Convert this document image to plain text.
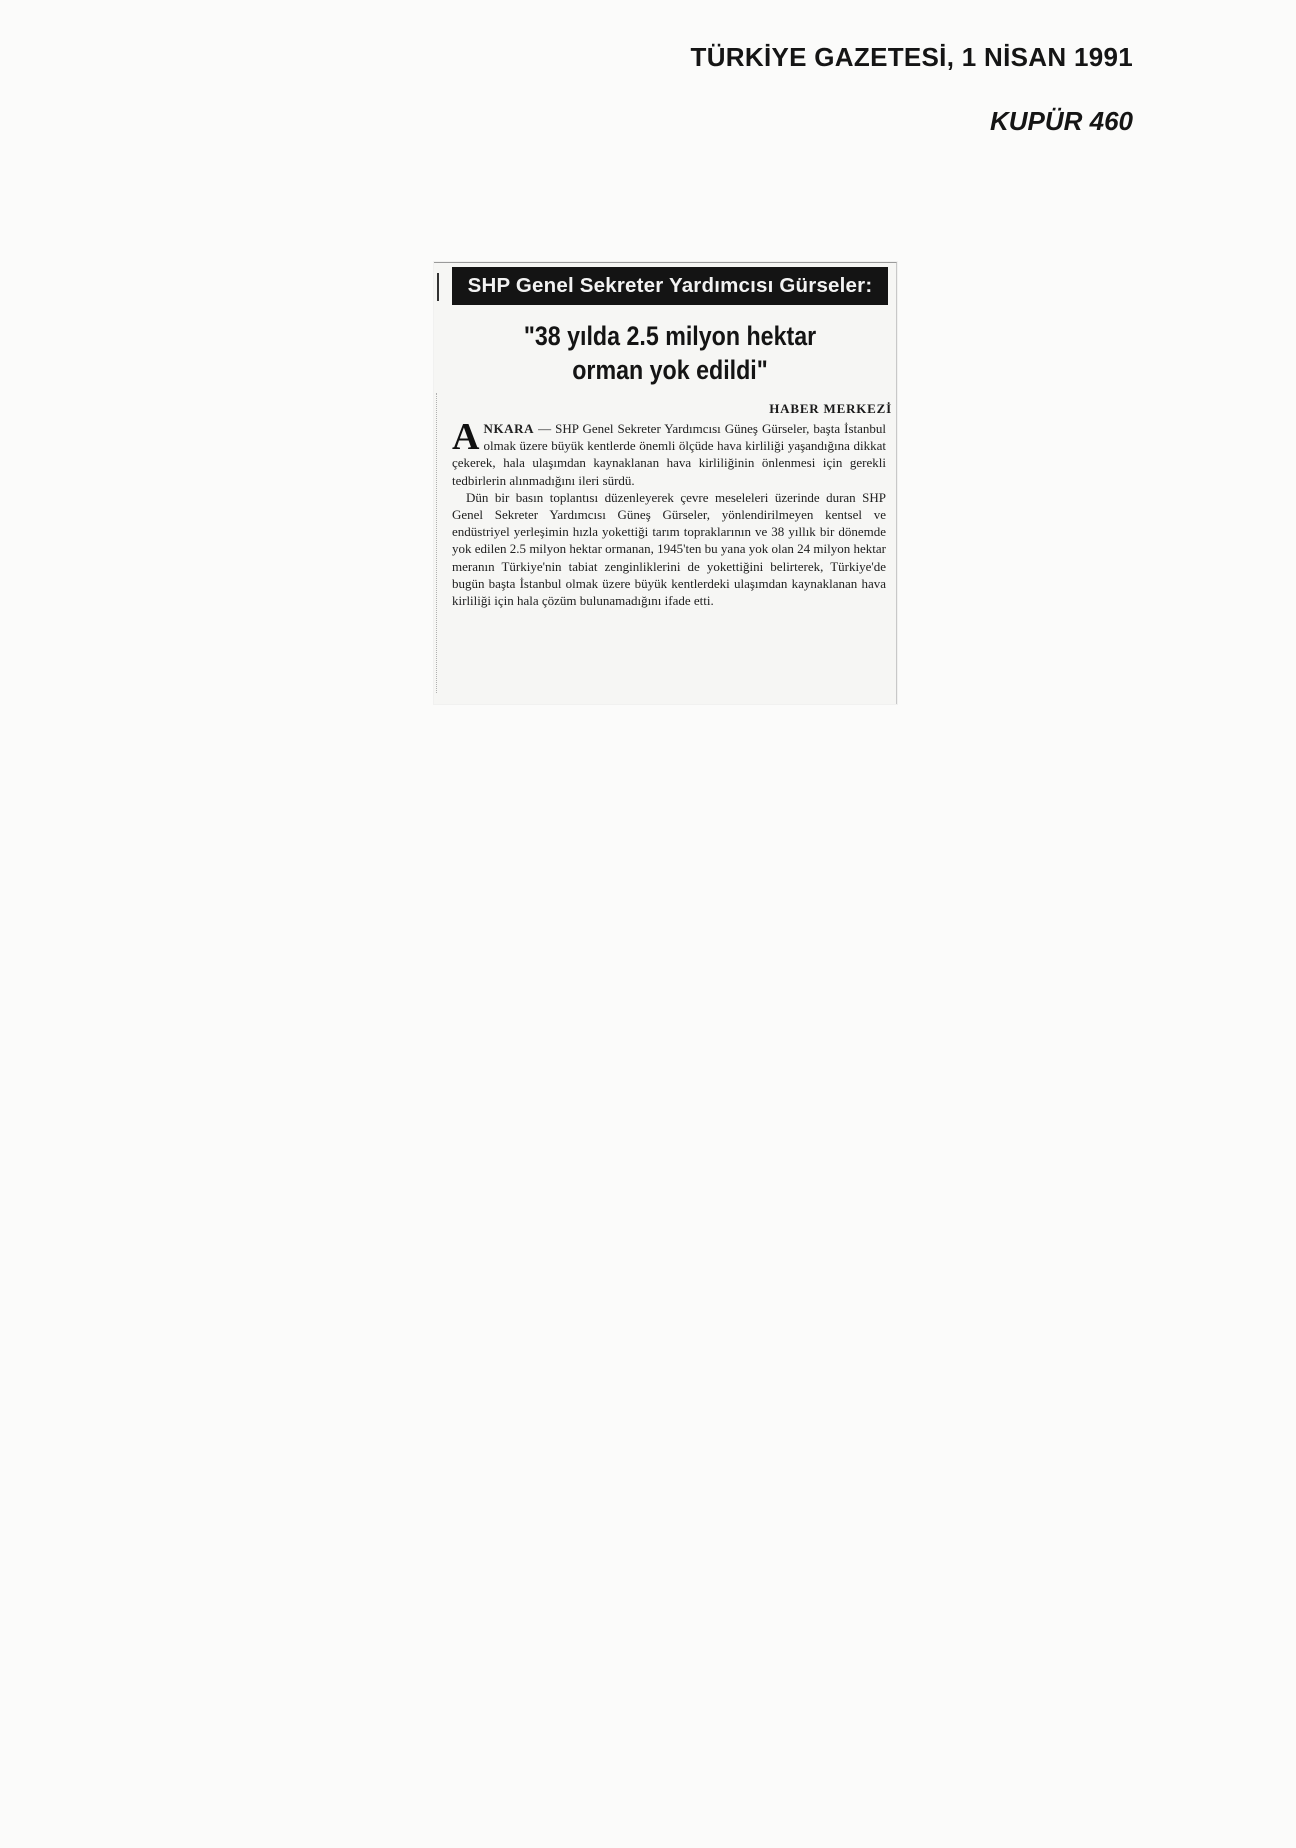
TÜRKİYE GAZETESİ, 1 NİSAN 1991
KUPÜR 460
SHP Genel Sekreter Yardımcısı Gürseler:
"38 yılda 2.5 milyon hektar
orman yok edildi"
HABER MERKEZİ

ANKARA — SHP Genel Sekreter Yardımcısı Güneş Gürseler, başta İstanbul olmak üzere büyük kentlerde önemli ölçüde hava kirliliği yaşandığına dikkat çekerek, hala ulaşımdan kaynaklanan hava kirliliğinin önlenmesi için gerekli tedbirlerin alınmadığını ileri sürdü.

Dün bir basın toplantısı düzenleyerek çevre meseleleri üzerinde duran SHP Genel Sekreter Yardımcısı Güneş Gürseler, yönlendirilmeyen kentsel ve endüstriyel yerleşimin hızla yokettiği tarım topraklarının ve 38 yıllık bir dönemde yok edilen 2.5 milyon hektar ormanan, 1945'ten bu yana yok olan 24 milyon hektar meranın Türkiye'nin tabiat zenginliklerini de yokettiğini belirterek, Türkiye'de bugün başta İstanbul olmak üzere büyük kentlerdeki ulaşımdan kaynaklanan hava kirliliği için hala çözüm bulunamadığını ifade etti.
